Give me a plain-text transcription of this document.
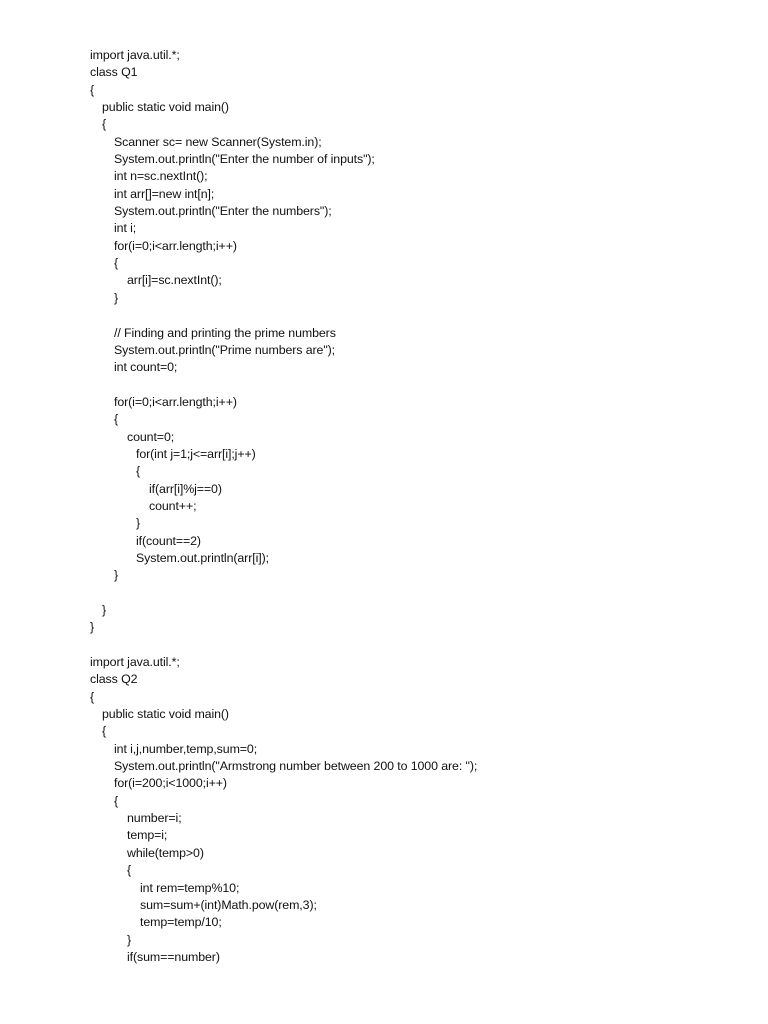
import java.util.*;
class Q1
{
public static void main()
{
Scanner sc= new Scanner(System.in);
System.out.println("Enter the number of inputs");
int n=sc.nextInt();
int arr[]=new int[n];
System.out.println("Enter the numbers");
int i;
for(i=0;i<arr.length;i++)
{
arr[i]=sc.nextInt();
}
// Finding and printing the prime numbers
System.out.println("Prime numbers are");
int count=0;
for(i=0;i<arr.length;i++)
{
count=0;
for(int j=1;j<=arr[i];j++)
{
if(arr[i]%j==0)
count++;
}
if(count==2)
System.out.println(arr[i]);
}
}
}
import java.util.*;
class Q2
{
public static void main()
{
int i,j,number,temp,sum=0;
System.out.println("Armstrong number between 200 to 1000 are: ");
for(i=200;i<1000;i++)
{
number=i;
temp=i;
while(temp>0)
{
int rem=temp%10;
sum=sum+(int)Math.pow(rem,3);
temp=temp/10;
}
if(sum==number)
